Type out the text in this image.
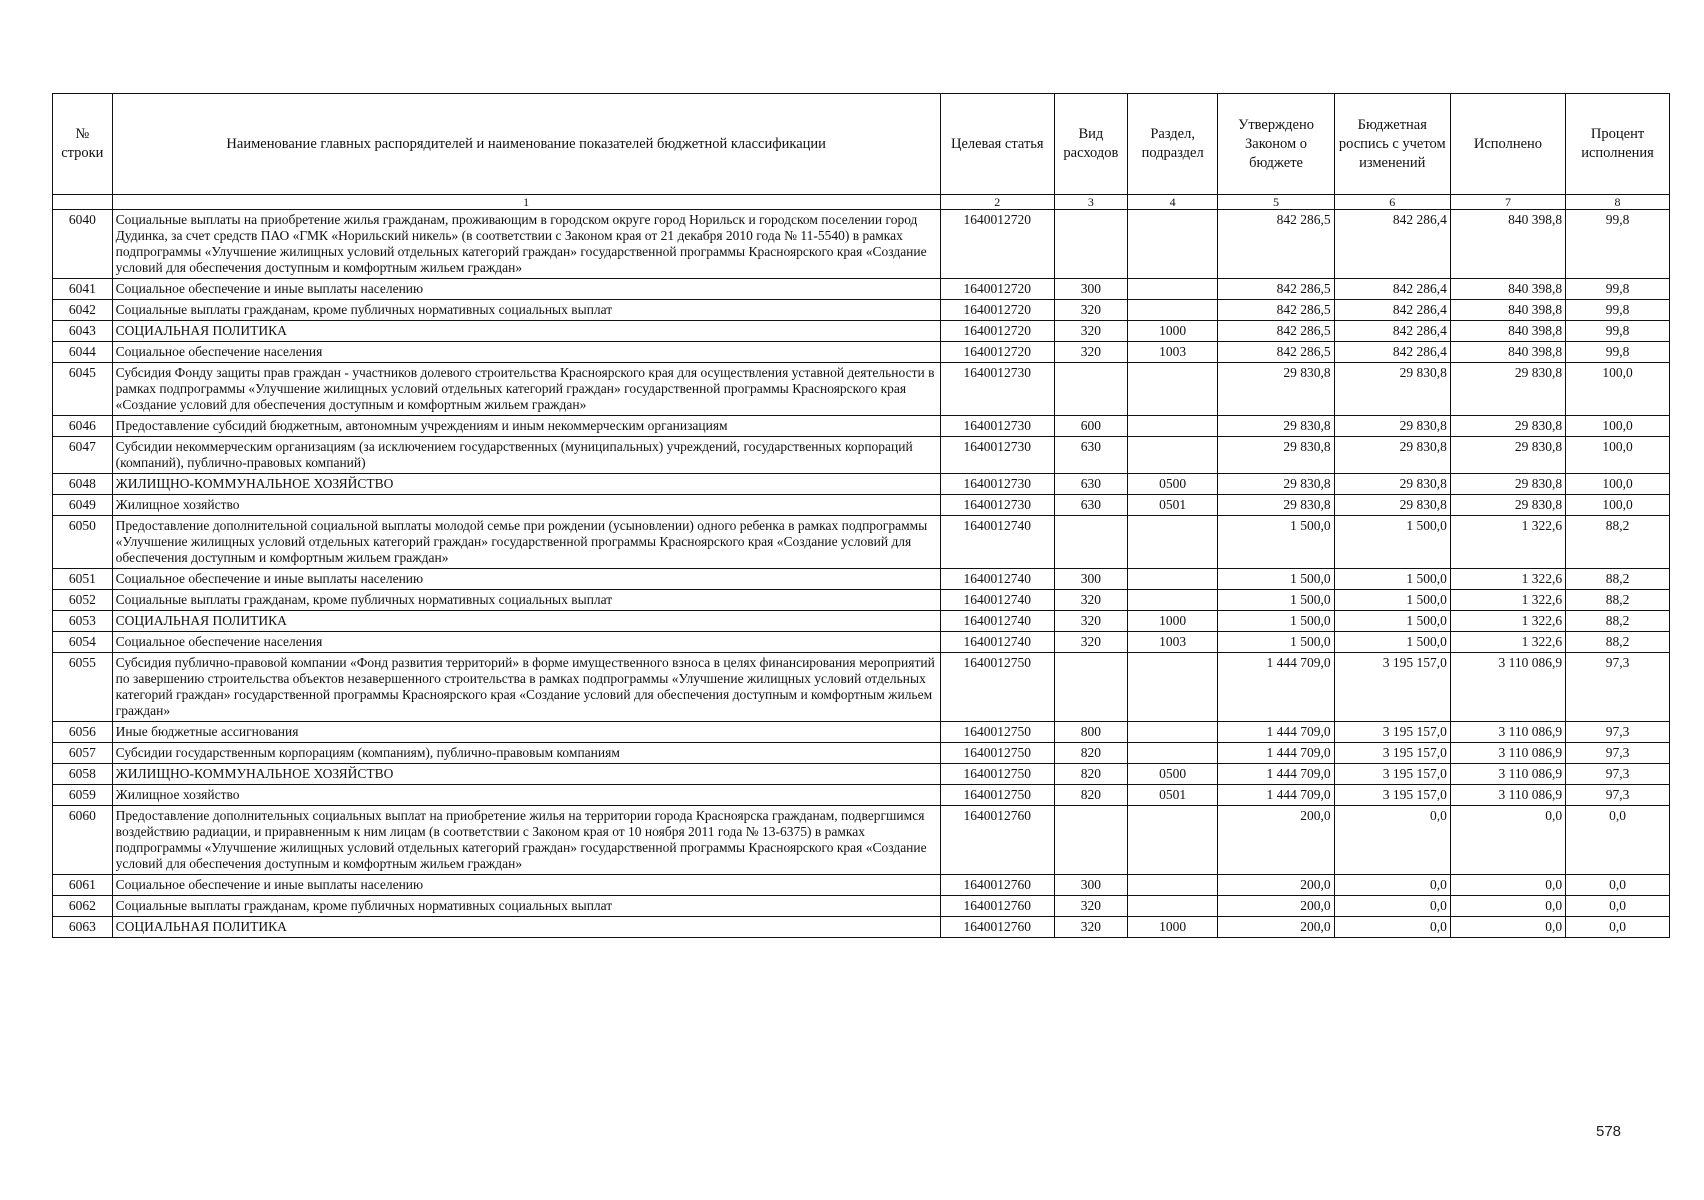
№ строки	Наименование главных распорядителей и наименование показателей бюджетной классификации	Целевая статья	Вид расходов	Раздел, подраздел	Утверждено Законом о бюджете	Бюджетная роспись с учетом изменений	Исполнено	Процент исполнения
	1	2	3	4	5	6	7	8
6040	Социальные выплаты на приобретение жилья гражданам, проживающим в городском округе город Норильск и городском поселении город Дудинка, за счет средств ПАО «ГМК «Норильский никель» (в соответствии с Законом края от 21 декабря 2010 года № 11-5540) в рамках подпрограммы «Улучшение жилищных условий отдельных категорий граждан» государственной программы Красноярского края «Создание условий для обеспечения доступным и комфортным жильем граждан»	1640012720			842 286,5	842 286,4	840 398,8	99,8
6041	Социальное обеспечение и иные выплаты населению	1640012720	300		842 286,5	842 286,4	840 398,8	99,8
6042	Социальные выплаты гражданам, кроме публичных нормативных социальных выплат	1640012720	320		842 286,5	842 286,4	840 398,8	99,8
6043	СОЦИАЛЬНАЯ ПОЛИТИКА	1640012720	320	1000	842 286,5	842 286,4	840 398,8	99,8
6044	Социальное обеспечение населения	1640012720	320	1003	842 286,5	842 286,4	840 398,8	99,8
6045	Субсидия Фонду защиты прав граждан - участников долевого строительства Красноярского края для осуществления уставной деятельности в рамках подпрограммы «Улучшение жилищных условий отдельных категорий граждан» государственной программы Красноярского края «Создание условий для обеспечения доступным и комфортным жильем граждан»	1640012730			29 830,8	29 830,8	29 830,8	100,0
6046	Предоставление субсидий бюджетным, автономным учреждениям и иным некоммерческим организациям	1640012730	600		29 830,8	29 830,8	29 830,8	100,0
6047	Субсидии некоммерческим организациям (за исключением государственных (муниципальных) учреждений, государственных корпораций (компаний), публично-правовых компаний)	1640012730	630		29 830,8	29 830,8	29 830,8	100,0
6048	ЖИЛИЩНО-КОММУНАЛЬНОЕ ХОЗЯЙСТВО	1640012730	630	0500	29 830,8	29 830,8	29 830,8	100,0
6049	Жилищное хозяйство	1640012730	630	0501	29 830,8	29 830,8	29 830,8	100,0
6050	Предоставление дополнительной социальной выплаты молодой семье при рождении (усыновлении) одного ребенка в рамках подпрограммы «Улучшение жилищных условий отдельных категорий граждан» государственной программы Красноярского края «Создание условий для обеспечения доступным и комфортным жильем граждан»	1640012740			1 500,0	1 500,0	1 322,6	88,2
6051	Социальное обеспечение и иные выплаты населению	1640012740	300		1 500,0	1 500,0	1 322,6	88,2
6052	Социальные выплаты гражданам, кроме публичных нормативных социальных выплат	1640012740	320		1 500,0	1 500,0	1 322,6	88,2
6053	СОЦИАЛЬНАЯ ПОЛИТИКА	1640012740	320	1000	1 500,0	1 500,0	1 322,6	88,2
6054	Социальное обеспечение населения	1640012740	320	1003	1 500,0	1 500,0	1 322,6	88,2
6055	Субсидия публично-правовой компании «Фонд развития территорий» в форме имущественного взноса в целях финансирования мероприятий по завершению строительства объектов незавершенного строительства в рамках подпрограммы «Улучшение жилищных условий отдельных категорий граждан» государственной программы Красноярского края «Создание условий для обеспечения доступным и комфортным жильем граждан»	1640012750			1 444 709,0	3 195 157,0	3 110 086,9	97,3
6056	Иные бюджетные ассигнования	1640012750	800		1 444 709,0	3 195 157,0	3 110 086,9	97,3
6057	Субсидии государственным корпорациям (компаниям), публично-правовым компаниям	1640012750	820		1 444 709,0	3 195 157,0	3 110 086,9	97,3
6058	ЖИЛИЩНО-КОММУНАЛЬНОЕ ХОЗЯЙСТВО	1640012750	820	0500	1 444 709,0	3 195 157,0	3 110 086,9	97,3
6059	Жилищное хозяйство	1640012750	820	0501	1 444 709,0	3 195 157,0	3 110 086,9	97,3
6060	Предоставление дополнительных социальных выплат на приобретение жилья на территории города Красноярска гражданам, подвергшимся воздействию радиации, и приравненным к ним лицам (в соответствии с Законом края от 10 ноября 2011 года № 13-6375) в рамках подпрограммы «Улучшение жилищных условий отдельных категорий граждан» государственной программы Красноярского края «Создание условий для обеспечения доступным и комфортным жильем граждан»	1640012760			200,0	0,0	0,0	0,0
6061	Социальное обеспечение и иные выплаты населению	1640012760	300		200,0	0,0	0,0	0,0
6062	Социальные выплаты гражданам, кроме публичных нормативных социальных выплат	1640012760	320		200,0	0,0	0,0	0,0
6063	СОЦИАЛЬНАЯ ПОЛИТИКА	1640012760	320	1000	200,0	0,0	0,0	0,0
578
